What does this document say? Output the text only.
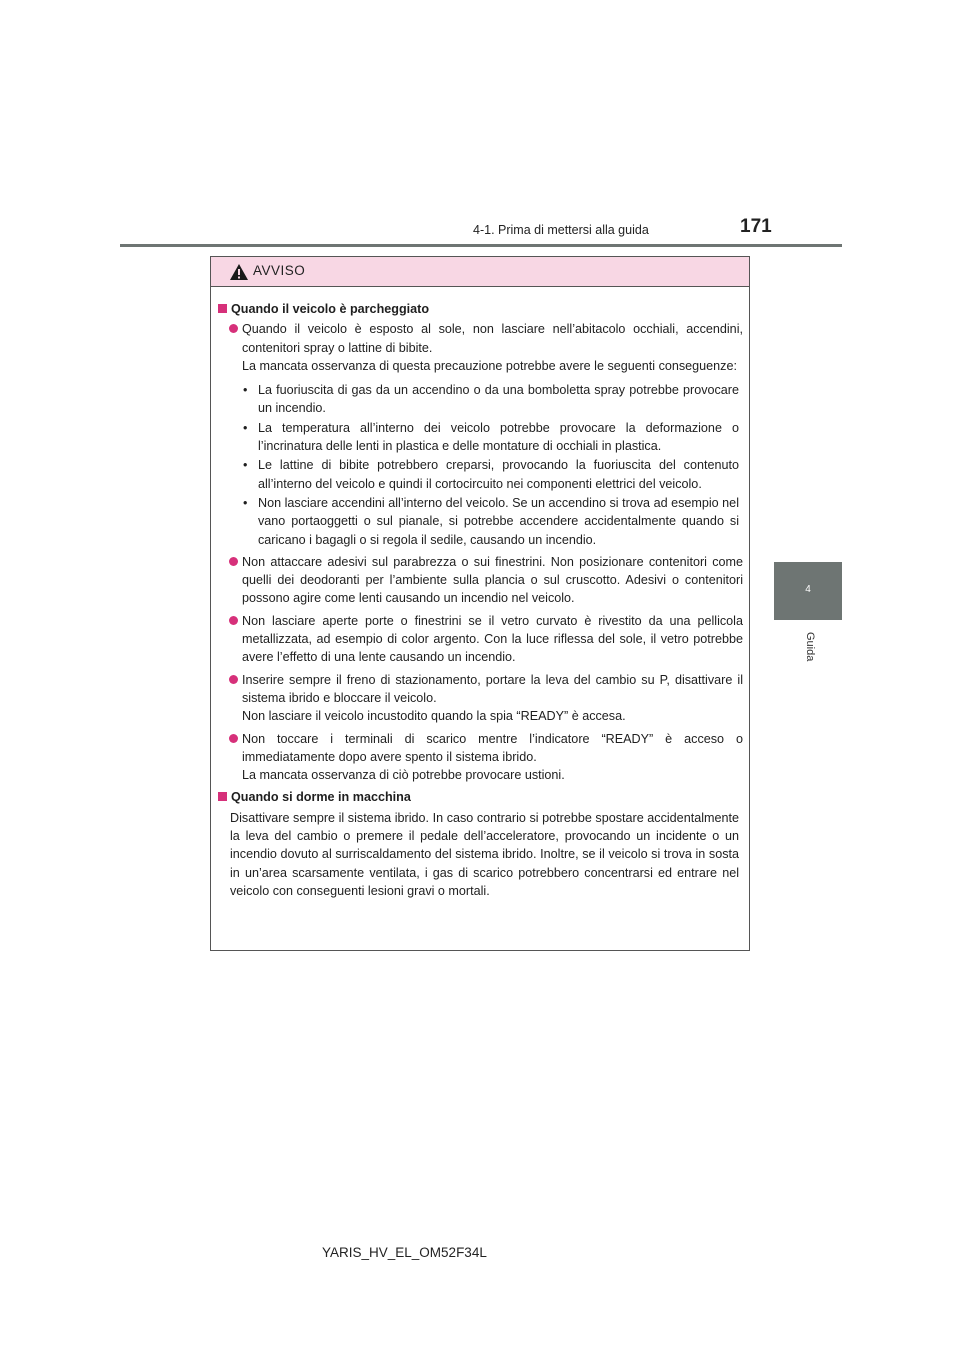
4-1. Prima di mettersi alla guida	171
4
Guida
AVVISO
Quando il veicolo è parcheggiato

Quando il veicolo è esposto al sole, non lasciare nell’abitacolo occhiali, accendini, contenitori spray o lattine di bibite.

La mancata osservanza di questa precauzione potrebbe avere le seguenti conseguenze:

• La fuoriuscita di gas da un accendino o da una bomboletta spray potrebbe provocare un incendio.
• La temperatura all’interno dei veicolo potrebbe provocare la deformazione o l’incrinatura delle lenti in plastica e delle montature di occhiali in plastica.
• Le lattine di bibite potrebbero creparsi, provocando la fuoriuscita del contenuto all’interno del veicolo e quindi il cortocircuito nei componenti elettrici del veicolo.
• Non lasciare accendini all’interno del veicolo. Se un accendino si trova ad esempio nel vano portaoggetti o sul pianale, si potrebbe accendere accidentalmente quando si caricano i bagagli o si regola il sedile, causando un incendio.

Non attaccare adesivi sul parabrezza o sui finestrini. Non posizionare contenitori come quelli dei deodoranti per l’ambiente sulla plancia o sul cruscotto. Adesivi o contenitori possono agire come lenti causando un incendio nel veicolo.

Non lasciare aperte porte o finestrini se il vetro curvato è rivestito da una pellicola metallizzata, ad esempio di color argento. Con la luce riflessa del sole, il vetro potrebbe avere l’effetto di una lente causando un incendio.

Inserire sempre il freno di stazionamento, portare la leva del cambio su P, disattivare il sistema ibrido e bloccare il veicolo.

Non lasciare il veicolo incustodito quando la spia “READY” è accesa.

Non toccare i terminali di scarico mentre l’indicatore “READY” è acceso o immediatamente dopo avere spento il sistema ibrido.

La mancata osservanza di ciò potrebbe provocare ustioni.

Quando si dorme in macchina

Disattivare sempre il sistema ibrido. In caso contrario si potrebbe spostare accidentalmente la leva del cambio o premere il pedale dell’acceleratore, provocando un incidente o un incendio dovuto al surriscaldamento del sistema ibrido. Inoltre, se il veicolo si trova in sosta in un’area scarsamente ventilata, i gas di scarico potrebbero concentrarsi ed entrare nel veicolo con conseguenti lesioni gravi o mortali.

YARIS_HV_EL_OM52F34L
